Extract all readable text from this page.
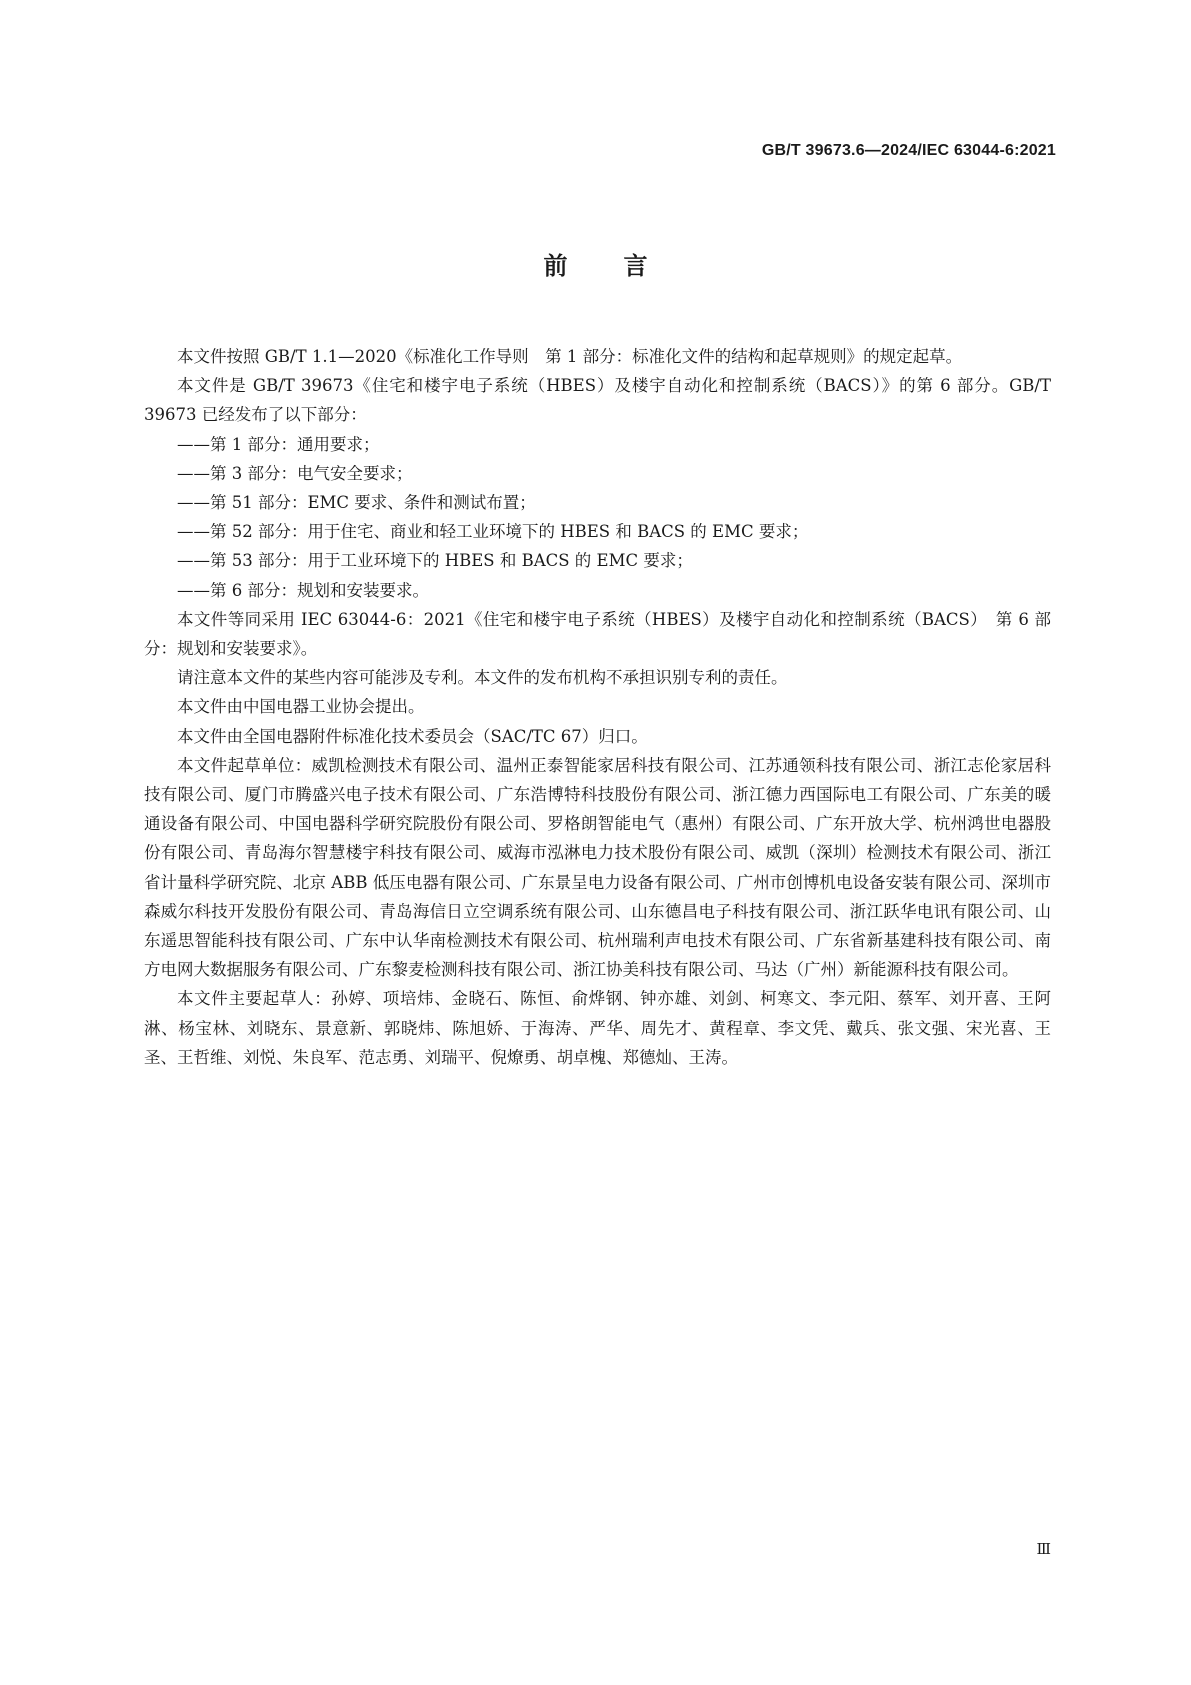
GB/T 39673.6—2024/IEC 63044-6:2021
前言

本文件按照 GB/T 1.1—2020《标准化工作导则　第 1 部分：标准化文件的结构和起草规则》的规定起草。

本文件是 GB/T 39673《住宅和楼宇电子系统（HBES）及楼宇自动化和控制系统（BACS）》的第 6 部分。GB/T 39673 已经发布了以下部分：

——第 1 部分：通用要求；

——第 3 部分：电气安全要求；

——第 51 部分：EMC 要求、条件和测试布置；

——第 52 部分：用于住宅、商业和轻工业环境下的 HBES 和 BACS 的 EMC 要求；

——第 53 部分：用于工业环境下的 HBES 和 BACS 的 EMC 要求；

——第 6 部分：规划和安装要求。

本文件等同采用 IEC 63044-6：2021《住宅和楼宇电子系统（HBES）及楼宇自动化和控制系统（BACS）　第 6 部分：规划和安装要求》。

请注意本文件的某些内容可能涉及专利。本文件的发布机构不承担识别专利的责任。

本文件由中国电器工业协会提出。

本文件由全国电器附件标准化技术委员会（SAC/TC 67）归口。

本文件起草单位：威凯检测技术有限公司、温州正泰智能家居科技有限公司、江苏通领科技有限公司、浙江志伦家居科技有限公司、厦门市腾盛兴电子技术有限公司、广东浩博特科技股份有限公司、浙江德力西国际电工有限公司、广东美的暖通设备有限公司、中国电器科学研究院股份有限公司、罗格朗智能电气（惠州）有限公司、广东开放大学、杭州鸿世电器股份有限公司、青岛海尔智慧楼宇科技有限公司、威海市泓淋电力技术股份有限公司、威凯（深圳）检测技术有限公司、浙江省计量科学研究院、北京 ABB 低压电器有限公司、广东景呈电力设备有限公司、广州市创博机电设备安装有限公司、深圳市森威尔科技开发股份有限公司、青岛海信日立空调系统有限公司、山东德昌电子科技有限公司、浙江跃华电讯有限公司、山东遥思智能科技有限公司、广东中认华南检测技术有限公司、杭州瑞利声电技术有限公司、广东省新基建科技有限公司、南方电网大数据服务有限公司、广东黎麦检测科技有限公司、浙江协美科技有限公司、马达（广州）新能源科技有限公司。

本文件主要起草人：孙婷、项培炜、金晓石、陈恒、俞烨钢、钟亦雄、刘剑、柯寒文、李元阳、蔡军、刘开喜、王阿淋、杨宝林、刘晓东、景意新、郭晓炜、陈旭娇、于海涛、严华、周先才、黄程章、李文凭、戴兵、张文强、宋光喜、王圣、王哲维、刘悦、朱良军、范志勇、刘瑞平、倪燎勇、胡卓槐、郑德灿、王涛。

Ⅲ
